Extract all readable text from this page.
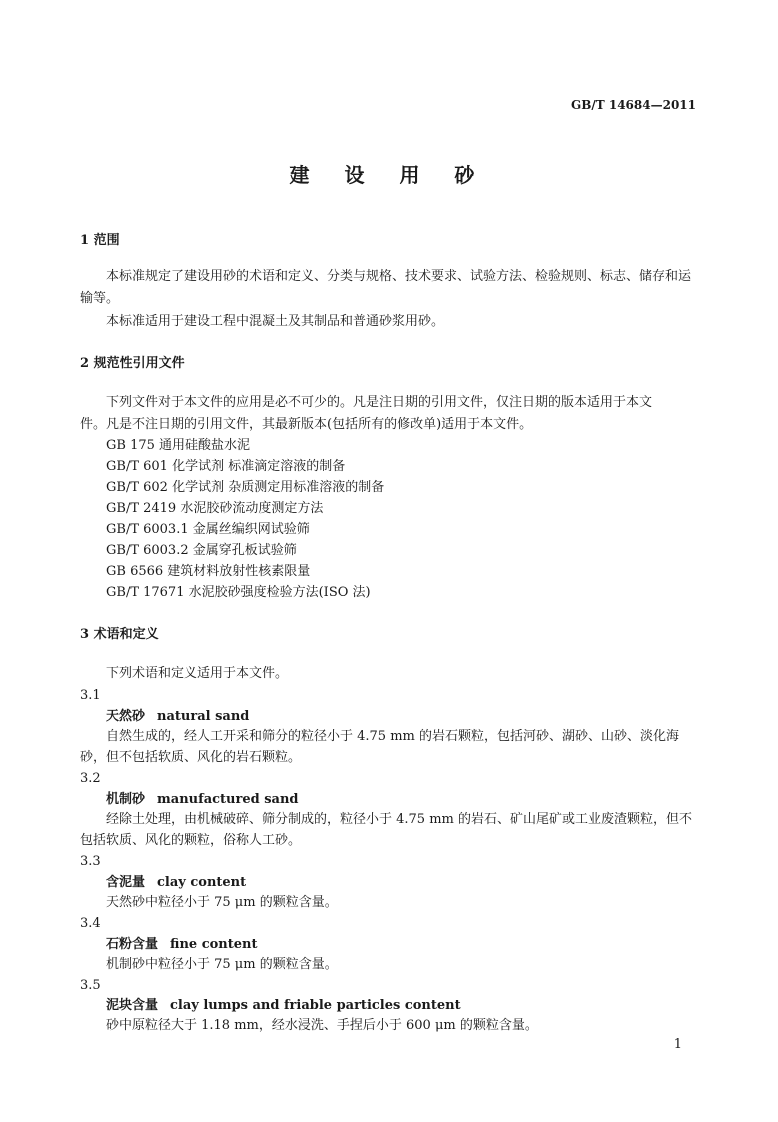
GB/T 14684—2011
建 设 用 砂
1 范围
本标准规定了建设用砂的术语和定义、分类与规格、技术要求、试验方法、检验规则、标志、储存和运
输等。
本标准适用于建设工程中混凝土及其制品和普通砂浆用砂。
2 规范性引用文件
下列文件对于本文件的应用是必不可少的。凡是注日期的引用文件，仅注日期的版本适用于本文
件。凡是不注日期的引用文件，其最新版本(包括所有的修改单)适用于本文件。
GB 175 通用硅酸盐水泥
GB/T 601 化学试剂 标准滴定溶液的制备
GB/T 602 化学试剂 杂质测定用标准溶液的制备
GB/T 2419 水泥胶砂流动度测定方法
GB/T 6003.1 金属丝编织网试验筛
GB/T 6003.2 金属穿孔板试验筛
GB 6566 建筑材料放射性核素限量
GB/T 17671 水泥胶砂强度检验方法(ISO 法)
3 术语和定义
下列术语和定义适用于本文件。
3.1
天然砂 natural sand
自然生成的，经人工开采和筛分的粒径小于 4.75 mm 的岩石颗粒，包括河砂、湖砂、山砂、淡化海
砂，但不包括软质、风化的岩石颗粒。
3.2
机制砂 manufactured sand
经除土处理，由机械破碎、筛分制成的，粒径小于 4.75 mm 的岩石、矿山尾矿或工业废渣颗粒，但不
包括软质、风化的颗粒，俗称人工砂。
3.3
含泥量 clay content
天然砂中粒径小于 75 μm 的颗粒含量。
3.4
石粉含量 fine content
机制砂中粒径小于 75 μm 的颗粒含量。
3.5
泥块含量 clay lumps and friable particles content
砂中原粒径大于 1.18 mm，经水浸洗、手捏后小于 600 μm 的颗粒含量。
1
